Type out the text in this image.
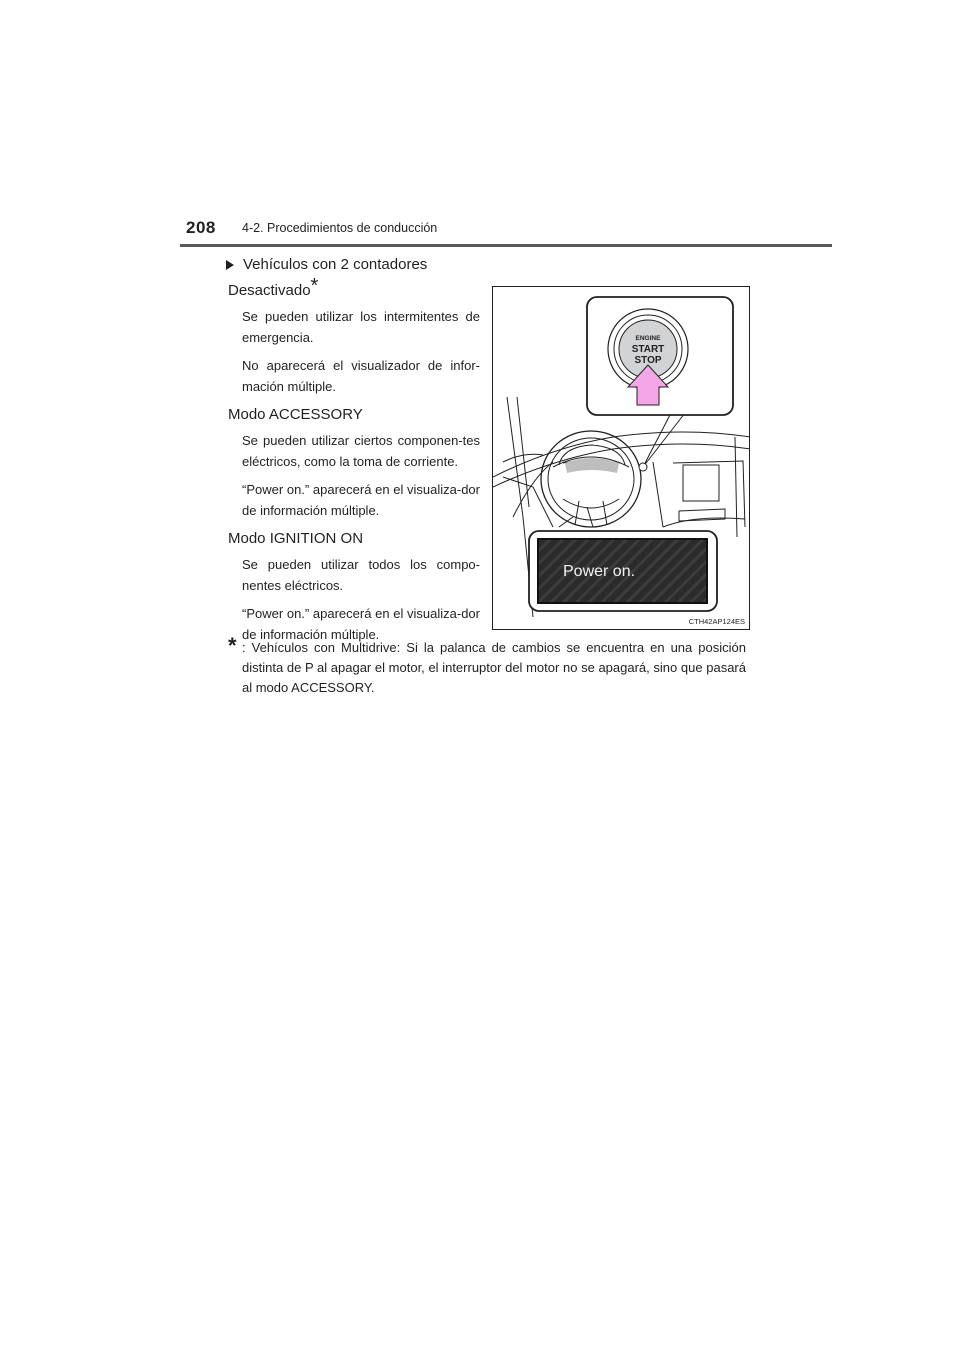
208 4-2. Procedimientos de conducción
Vehículos con 2 contadores

Desactivado*

Se pueden utilizar los intermitentes de emergencia.

No aparecerá el visualizador de infor-mación múltiple.

Modo ACCESSORY

Se pueden utilizar ciertos componen-tes eléctricos, como la toma de corriente.

“Power on.” aparecerá en el visualiza-dor de información múltiple.

Modo IGNITION ON

Se pueden utilizar todos los compo-nentes eléctricos.

“Power on.” aparecerá en el visualiza-dor de información múltiple.

ENGINE
START
STOP
Power on.
CTH42AP124ES
* : Vehículos con Multidrive: Si la palanca de cambios se encuentra en una posición distinta de P al apagar el motor, el interruptor del motor no se apagará, sino que pasará al modo ACCESSORY.
